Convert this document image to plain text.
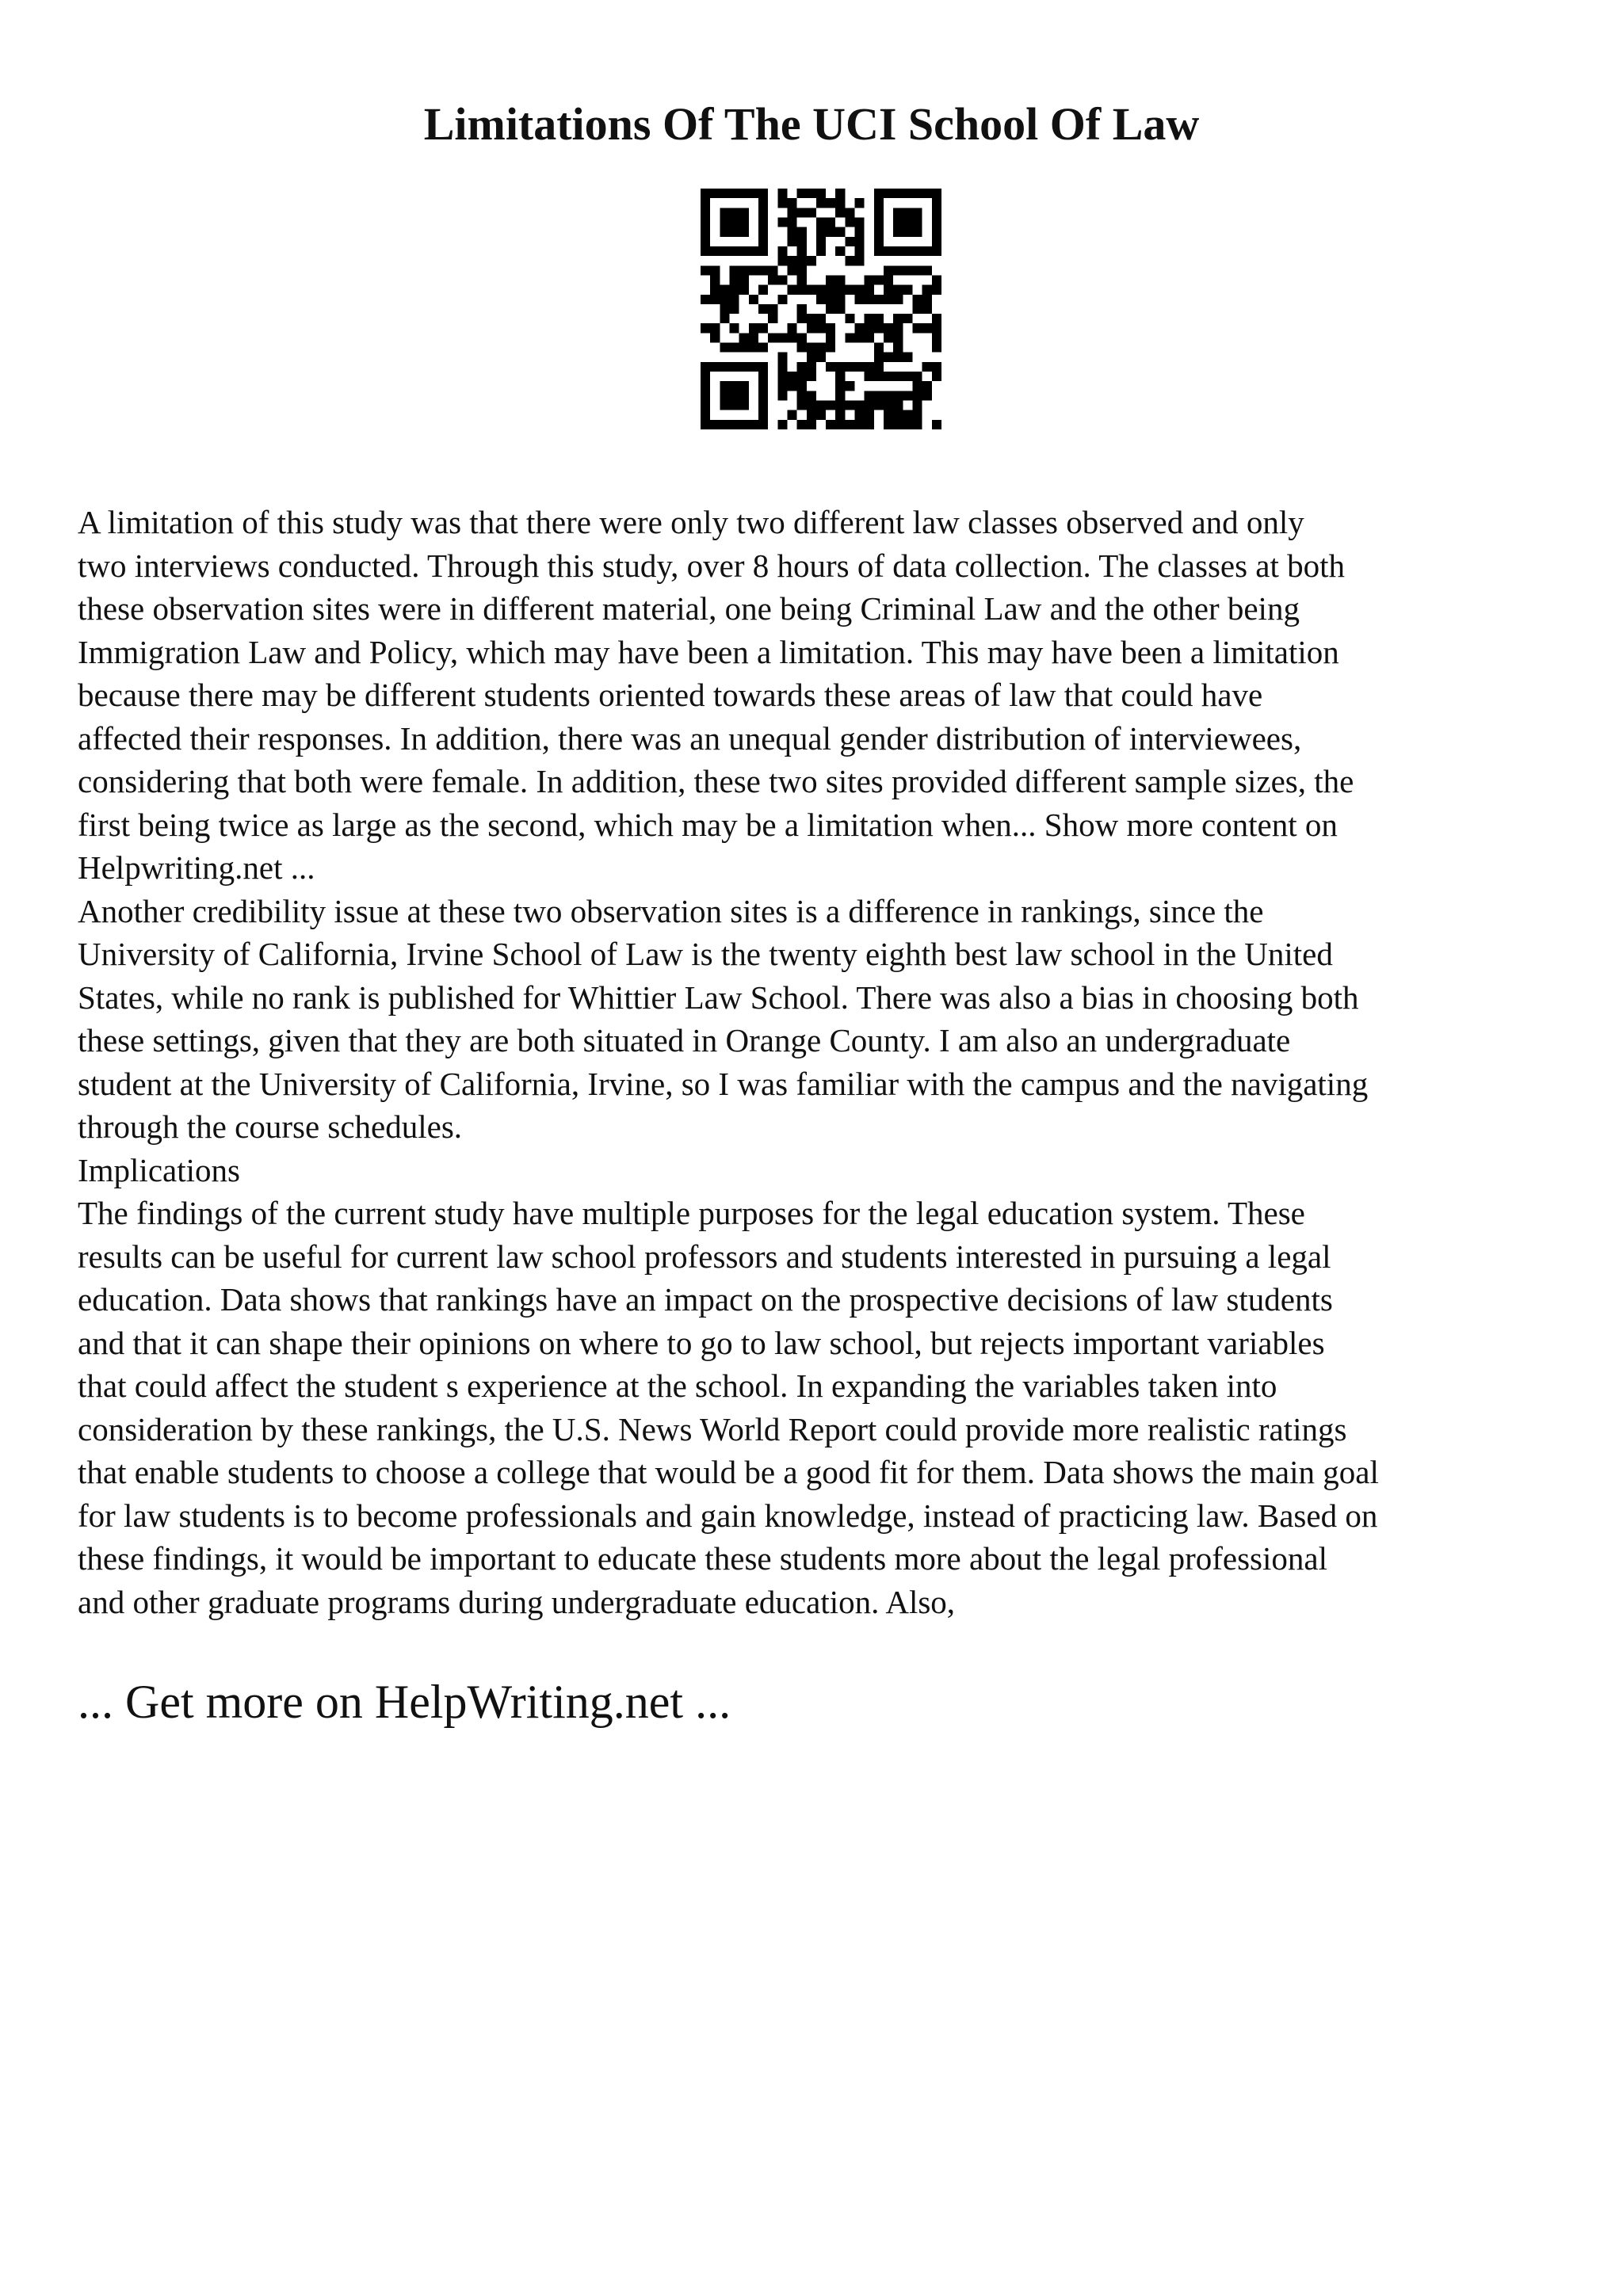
Limitations Of The UCI School Of Law

A limitation of this study was that there were only two different law classes observed and only
two interviews conducted. Through this study, over 8 hours of data collection. The classes at both
these observation sites were in different material, one being Criminal Law and the other being
Immigration Law and Policy, which may have been a limitation. This may have been a limitation
because there may be different students oriented towards these areas of law that could have
affected their responses. In addition, there was an unequal gender distribution of interviewees,
considering that both were female. In addition, these two sites provided different sample sizes, the
first being twice as large as the second, which may be a limitation when... Show more content on
Helpwriting.net ...

Another credibility issue at these two observation sites is a difference in rankings, since the
University of California, Irvine School of Law is the twenty eighth best law school in the United
States, while no rank is published for Whittier Law School. There was also a bias in choosing both
these settings, given that they are both situated in Orange County. I am also an undergraduate
student at the University of California, Irvine, so I was familiar with the campus and the navigating
through the course schedules.

Implications

The findings of the current study have multiple purposes for the legal education system. These
results can be useful for current law school professors and students interested in pursuing a legal
education. Data shows that rankings have an impact on the prospective decisions of law students
and that it can shape their opinions on where to go to law school, but rejects important variables
that could affect the student s experience at the school. In expanding the variables taken into
consideration by these rankings, the U.S. News World Report could provide more realistic ratings
that enable students to choose a college that would be a good fit for them. Data shows the main goal
for law students is to become professionals and gain knowledge, instead of practicing law. Based on
these findings, it would be important to educate these students more about the legal professional
and other graduate programs during undergraduate education. Also,

... Get more on HelpWriting.net ...
